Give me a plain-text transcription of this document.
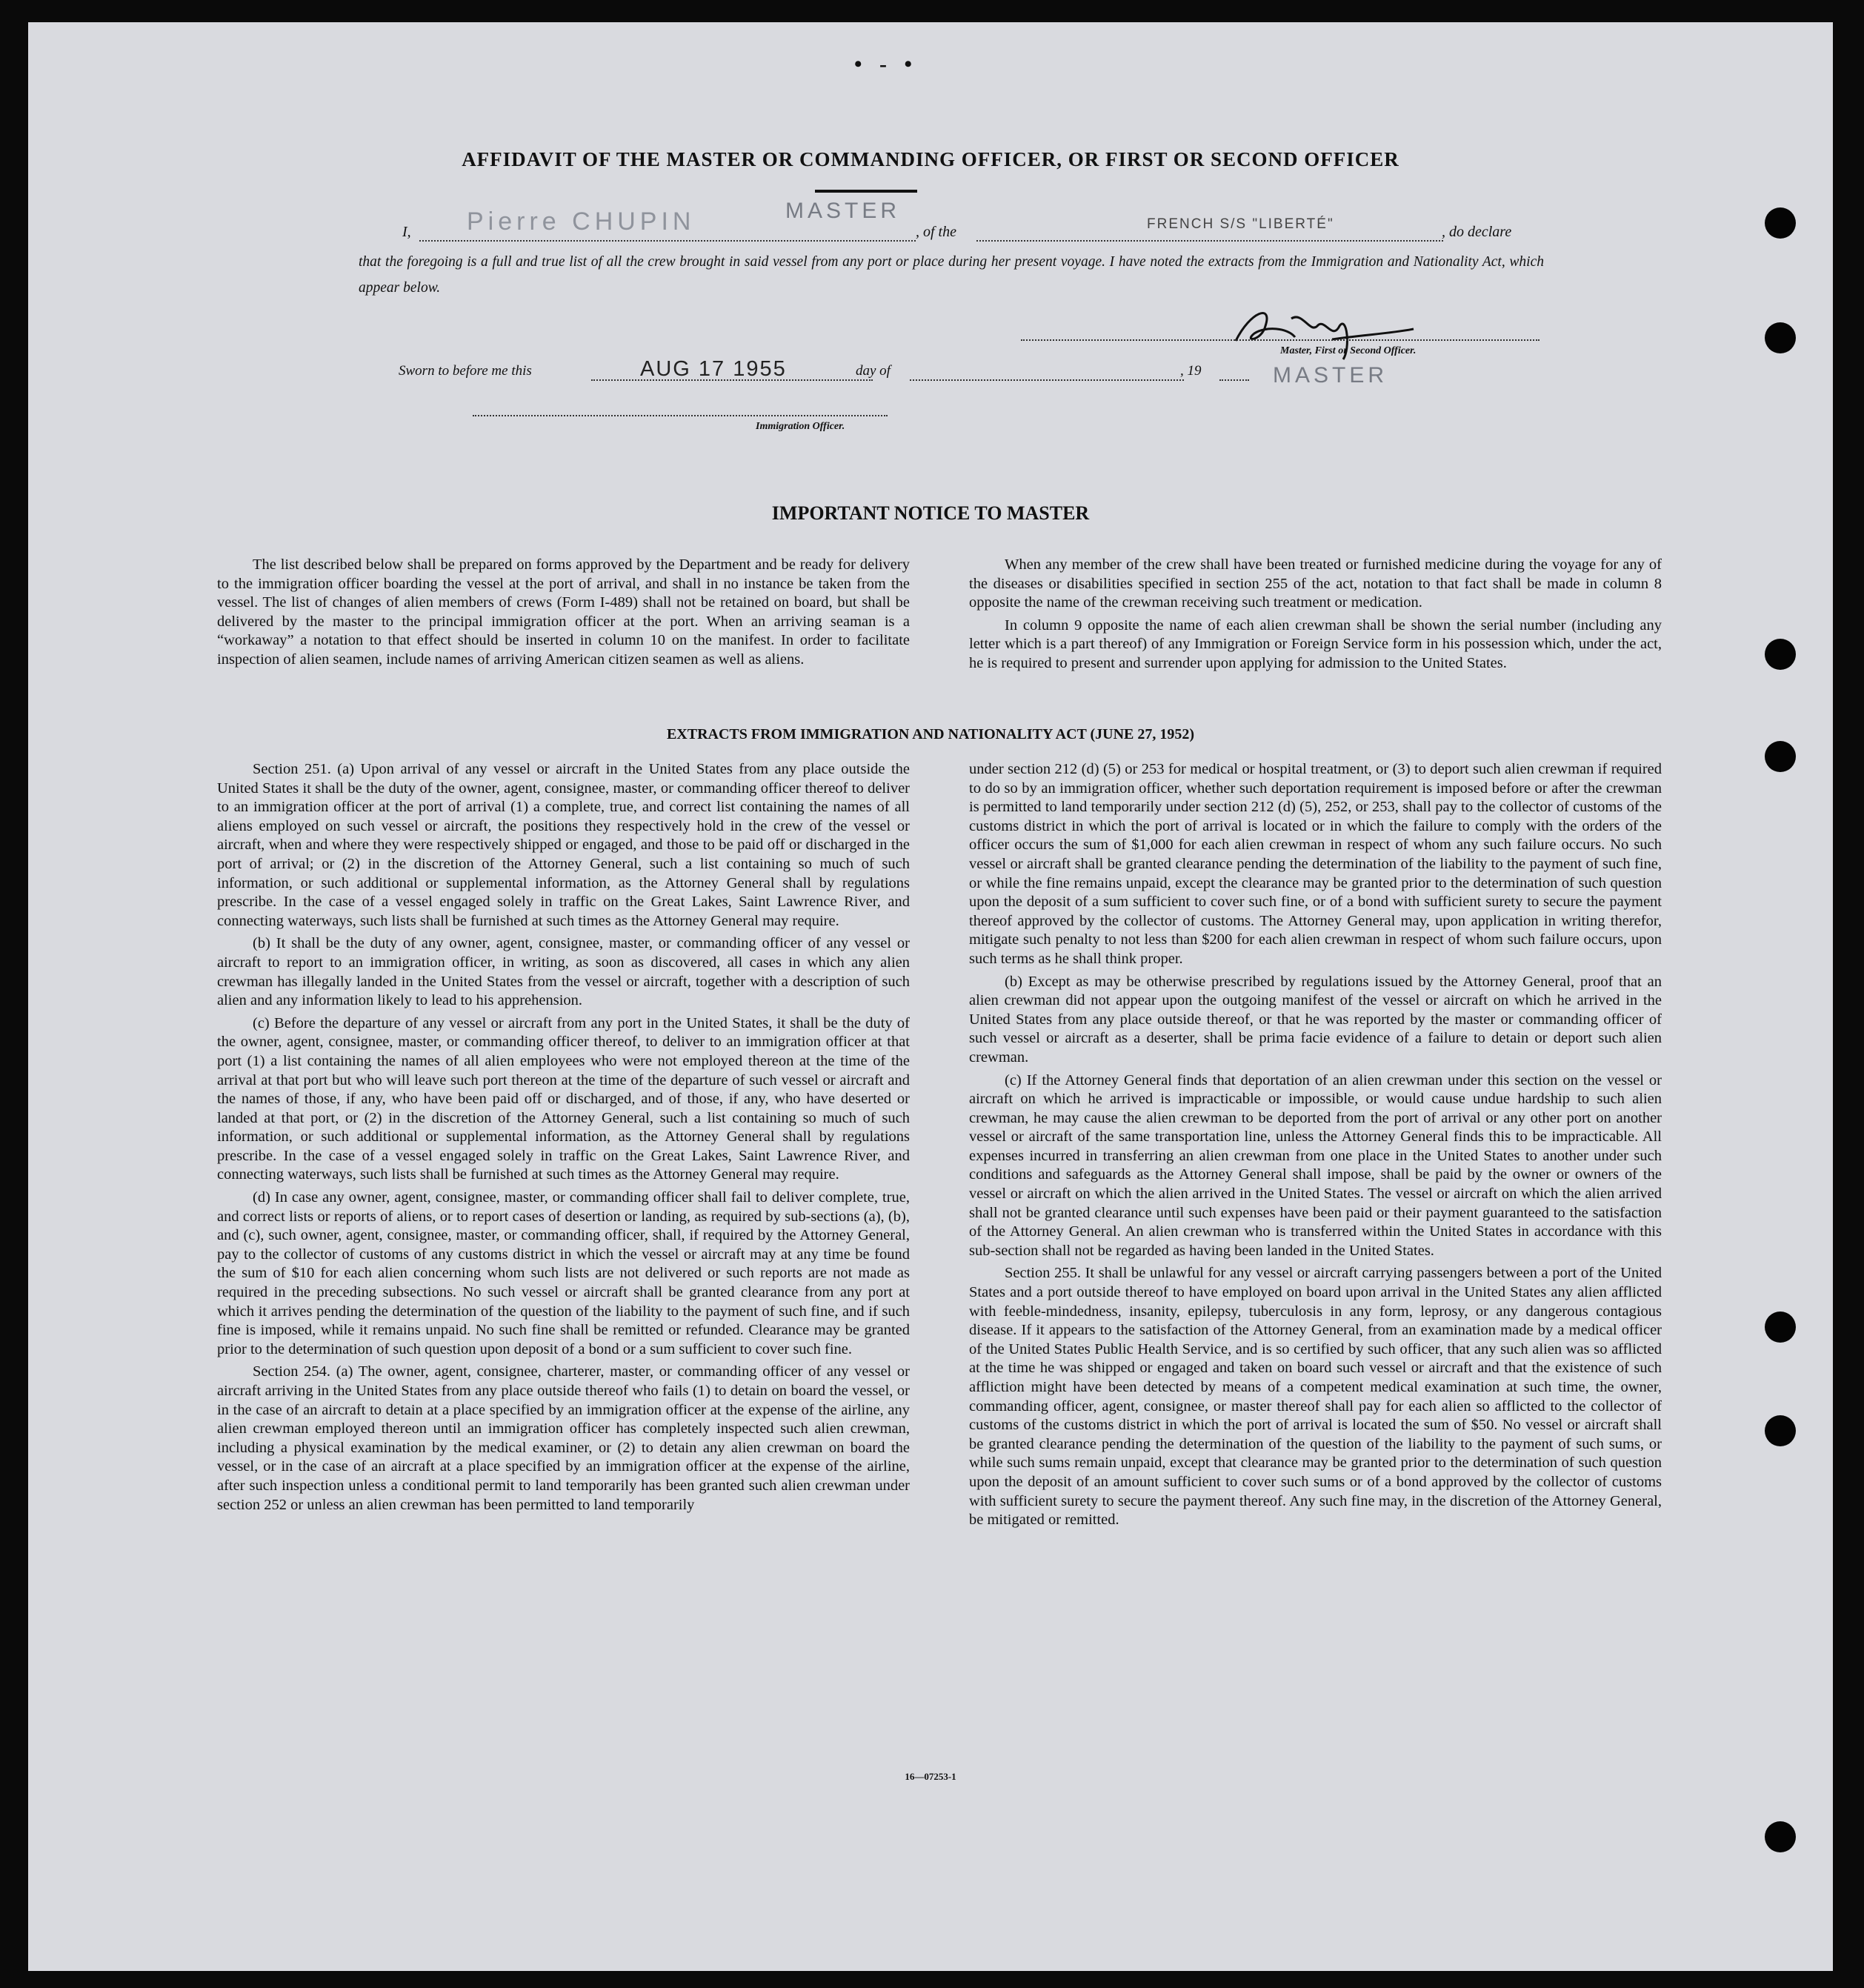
• - •
AFFIDAVIT OF THE MASTER OR COMMANDING OFFICER, OR FIRST OR SECOND OFFICER
I, Pierre CHUPIN	MASTER
, of the	FRENCH S/S "LIBERTÉ"	, do declare
that the foregoing is a full and true list of all the crew brought in said vessel from any port or place during her present voyage. I have noted the extracts from the Immigration and Nationality Act, which appear below.
Master, First or Second Officer.
Sworn to before me this	AUG 17 1955	day of	, 19	MASTER
Immigration Officer.
IMPORTANT NOTICE TO MASTER

The list described below shall be prepared on forms approved by the Department and be ready for delivery to the immigration officer boarding the vessel at the port of arrival, and shall in no instance be taken from the vessel. The list of changes of alien members of crews (Form I-489) shall not be retained on board, but shall be delivered by the master to the principal immigration officer at the port. When an arriving seaman is a “workaway” a notation to that effect should be inserted in column 10 on the manifest. In order to facilitate inspection of alien seamen, include names of arriving American citizen seamen as well as aliens.

When any member of the crew shall have been treated or furnished medicine during the voyage for any of the diseases or disabilities specified in section 255 of the act, notation to that fact shall be made in column 8 opposite the name of the crewman receiving such treatment or medication.

In column 9 opposite the name of each alien crewman shall be shown the serial number (including any letter which is a part thereof) of any Immigration or Foreign Service form in his possession which, under the act, he is required to present and surrender upon applying for admission to the United States.

EXTRACTS FROM IMMIGRATION AND NATIONALITY ACT (JUNE 27, 1952)

Section 251. (a) Upon arrival of any vessel or aircraft in the United States from any place outside the United States it shall be the duty of the owner, agent, consignee, master, or commanding officer thereof to deliver to an immigration officer at the port of arrival (1) a complete, true, and correct list containing the names of all aliens employed on such vessel or aircraft, the positions they respectively hold in the crew of the vessel or aircraft, when and where they were respectively shipped or engaged, and those to be paid off or discharged in the port of arrival; or (2) in the discretion of the Attorney General, such a list containing so much of such information, or such additional or supplemental information, as the Attorney General shall by regulations prescribe. In the case of a vessel engaged solely in traffic on the Great Lakes, Saint Lawrence River, and connecting waterways, such lists shall be furnished at such times as the Attorney General may require.

(b) It shall be the duty of any owner, agent, consignee, master, or commanding officer of any vessel or aircraft to report to an immigration officer, in writing, as soon as discovered, all cases in which any alien crewman has illegally landed in the United States from the vessel or aircraft, together with a description of such alien and any information likely to lead to his apprehension.

(c) Before the departure of any vessel or aircraft from any port in the United States, it shall be the duty of the owner, agent, consignee, master, or commanding officer thereof, to deliver to an immigration officer at that port (1) a list containing the names of all alien employees who were not employed thereon at the time of the arrival at that port but who will leave such port thereon at the time of the departure of such vessel or aircraft and the names of those, if any, who have been paid off or discharged, and of those, if any, who have deserted or landed at that port, or (2) in the discretion of the Attorney General, such a list containing so much of such information, or such additional or supplemental information, as the Attorney General shall by regulations prescribe. In the case of a vessel engaged solely in traffic on the Great Lakes, Saint Lawrence River, and connecting waterways, such lists shall be furnished at such times as the Attorney General may require.

(d) In case any owner, agent, consignee, master, or commanding officer shall fail to deliver complete, true, and correct lists or reports of aliens, or to report cases of desertion or landing, as required by sub-sections (a), (b), and (c), such owner, agent, consignee, master, or commanding officer, shall, if required by the Attorney General, pay to the collector of customs of any customs district in which the vessel or aircraft may at any time be found the sum of $10 for each alien concerning whom such lists are not delivered or such reports are not made as required in the preceding subsections. No such vessel or aircraft shall be granted clearance from any port at which it arrives pending the determination of the question of the liability to the payment of such fine, and if such fine is imposed, while it remains unpaid. No such fine shall be remitted or refunded. Clearance may be granted prior to the determination of such question upon deposit of a bond or a sum sufficient to cover such fine.

Section 254. (a) The owner, agent, consignee, charterer, master, or commanding officer of any vessel or aircraft arriving in the United States from any place outside thereof who fails (1) to detain on board the vessel, or in the case of an aircraft to detain at a place specified by an immigration officer at the expense of the airline, any alien crewman employed thereon until an immigration officer has completely inspected such alien crewman, including a physical examination by the medical examiner, or (2) to detain any alien crewman on board the vessel, or in the case of an aircraft at a place specified by an immigration officer at the expense of the airline, after such inspection unless a conditional permit to land temporarily has been granted such alien crewman under section 252 or unless an alien crewman has been permitted to land temporarily

under section 212 (d) (5) or 253 for medical or hospital treatment, or (3) to deport such alien crewman if required to do so by an immigration officer, whether such deportation requirement is imposed before or after the crewman is permitted to land temporarily under section 212 (d) (5), 252, or 253, shall pay to the collector of customs of the customs district in which the port of arrival is located or in which the failure to comply with the orders of the officer occurs the sum of $1,000 for each alien crewman in respect of whom any such failure occurs. No such vessel or aircraft shall be granted clearance pending the determination of the liability to the payment of such fine, or while the fine remains unpaid, except the clearance may be granted prior to the determination of such question upon the deposit of a sum sufficient to cover such fine, or of a bond with sufficient surety to secure the payment thereof approved by the collector of customs. The Attorney General may, upon application in writing therefor, mitigate such penalty to not less than $200 for each alien crewman in respect of whom such failure occurs, upon such terms as he shall think proper.

(b) Except as may be otherwise prescribed by regulations issued by the Attorney General, proof that an alien crewman did not appear upon the outgoing manifest of the vessel or aircraft on which he arrived in the United States from any place outside thereof, or that he was reported by the master or commanding officer of such vessel or aircraft as a deserter, shall be prima facie evidence of a failure to detain or deport such alien crewman.

(c) If the Attorney General finds that deportation of an alien crewman under this section on the vessel or aircraft on which he arrived is impracticable or impossible, or would cause undue hardship to such alien crewman, he may cause the alien crewman to be deported from the port of arrival or any other port on another vessel or aircraft of the same transportation line, unless the Attorney General finds this to be impracticable. All expenses incurred in transferring an alien crewman from one place in the United States to another under such conditions and safeguards as the Attorney General shall impose, shall be paid by the owner or owners of the vessel or aircraft on which the alien arrived in the United States. The vessel or aircraft on which the alien arrived shall not be granted clearance until such expenses have been paid or their payment guaranteed to the satisfaction of the Attorney General. An alien crewman who is transferred within the United States in accordance with this sub-section shall not be regarded as having been landed in the United States.

Section 255. It shall be unlawful for any vessel or aircraft carrying passengers between a port of the United States and a port outside thereof to have employed on board upon arrival in the United States any alien afflicted with feeble-mindedness, insanity, epilepsy, tuberculosis in any form, leprosy, or any dangerous contagious disease. If it appears to the satisfaction of the Attorney General, from an examination made by a medical officer of the United States Public Health Service, and is so certified by such officer, that any such alien was so afflicted at the time he was shipped or engaged and taken on board such vessel or aircraft and that the existence of such affliction might have been detected by means of a competent medical examination at such time, the owner, commanding officer, agent, consignee, or master thereof shall pay for each alien so afflicted to the collector of customs of the customs district in which the port of arrival is located the sum of $50. No vessel or aircraft shall be granted clearance pending the determination of the question of the liability to the payment of such sums, or while such sums remain unpaid, except that clearance may be granted prior to the determination of such question upon the deposit of an amount sufficient to cover such sums or of a bond approved by the collector of customs with sufficient surety to secure the payment thereof. Any such fine may, in the discretion of the Attorney General, be mitigated or remitted.

16—07253-1
